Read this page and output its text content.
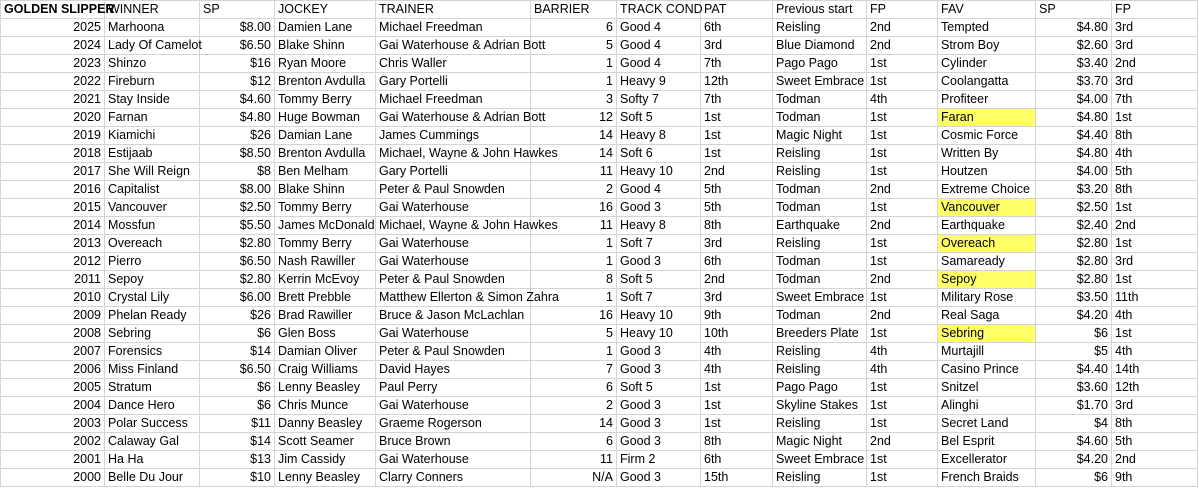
GOLDEN SLIPPER	WINNER	SP	JOCKEY	TRAINER	BARRIER	TRACK COND	PAT	Previous start	FP	FAV	SP	FP
2025	Marhoona	$8.00	Damien Lane	Michael Freedman	6	Good 4	6th	Reisling	2nd	Tempted	$4.80	3rd
2024	Lady Of Camelot	$6.50	Blake Shinn	Gai Waterhouse & Adrian Bott	5	Good 4	3rd	Blue Diamond	2nd	Strom Boy	$2.60	3rd
2023	Shinzo	$16	Ryan Moore	Chris Waller	1	Good 4	7th	Pago Pago	1st	Cylinder	$3.40	2nd
2022	Fireburn	$12	Brenton Avdulla	Gary Portelli	1	Heavy 9	12th	Sweet Embrace	1st	Coolangatta	$3.70	3rd
2021	Stay Inside	$4.60	Tommy Berry	Michael Freedman	3	Softy 7	7th	Todman	4th	Profiteer	$4.00	7th
2020	Farnan	$4.80	Huge Bowman	Gai Waterhouse & Adrian Bott	12	Soft 5	1st	Todman	1st	Faran	$4.80	1st
2019	Kiamichi	$26	Damian Lane	James Cummings	14	Heavy 8	1st	Magic Night	1st	Cosmic Force	$4.40	8th
2018	Estijaab	$8.50	Brenton Avdulla	Michael, Wayne & John Hawkes	14	Soft 6	1st	Reisling	1st	Written By	$4.80	4th
2017	She Will Reign	$8	Ben Melham	Gary Portelli	11	Heavy 10	2nd	Reisling	1st	Houtzen	$4.00	5th
2016	Capitalist	$8.00	Blake Shinn	Peter & Paul Snowden	2	Good 4	5th	Todman	2nd	Extreme Choice	$3.20	8th
2015	Vancouver	$2.50	Tommy Berry	Gai Waterhouse	16	Good 3	5th	Todman	1st	Vancouver	$2.50	1st
2014	Mossfun	$5.50	James McDonald	Michael, Wayne & John Hawkes	11	Heavy 8	8th	Earthquake	2nd	Earthquake	$2.40	2nd
2013	Overeach	$2.80	Tommy Berry	Gai Waterhouse	1	Soft 7	3rd	Reisling	1st	Overeach	$2.80	1st
2012	Pierro	$6.50	Nash Rawiller	Gai Waterhouse	1	Good 3	6th	Todman	1st	Samaready	$2.80	3rd
2011	Sepoy	$2.80	Kerrin McEvoy	Peter & Paul Snowden	8	Soft 5	2nd	Todman	2nd	Sepoy	$2.80	1st
2010	Crystal Lily	$6.00	Brett Prebble	Matthew Ellerton & Simon Zahra	1	Soft 7	3rd	Sweet Embrace	1st	Military Rose	$3.50	11th
2009	Phelan Ready	$26	Brad Rawiller	Bruce & Jason McLachlan	16	Heavy 10	9th	Todman	2nd	Real Saga	$4.20	4th
2008	Sebring	$6	Glen Boss	Gai Waterhouse	5	Heavy 10	10th	Breeders Plate	1st	Sebring	$6	1st
2007	Forensics	$14	Damian Oliver	Peter & Paul Snowden	1	Good 3	4th	Reisling	4th	Murtajill	$5	4th
2006	Miss Finland	$6.50	Craig Williams	David Hayes	7	Good 3	4th	Reisling	4th	Casino Prince	$4.40	14th
2005	Stratum	$6	Lenny Beasley	Paul Perry	6	Soft 5	1st	Pago Pago	1st	Snitzel	$3.60	12th
2004	Dance Hero	$6	Chris Munce	Gai Waterhouse	2	Good 3	1st	Skyline Stakes	1st	Alinghi	$1.70	3rd
2003	Polar Success	$11	Danny Beasley	Graeme Rogerson	14	Good 3	1st	Reisling	1st	Secret Land	$4	8th
2002	Calaway Gal	$14	Scott Seamer	Bruce Brown	6	Good 3	8th	Magic Night	2nd	Bel Esprit	$4.60	5th
2001	Ha Ha	$13	Jim Cassidy	Gai Waterhouse	11	Firm 2	6th	Sweet Embrace	1st	Excellerator	$4.20	2nd
2000	Belle Du Jour	$10	Lenny Beasley	Clarry Conners	N/A	Good 3	15th	Reisling	1st	French Braids	$6	9th
